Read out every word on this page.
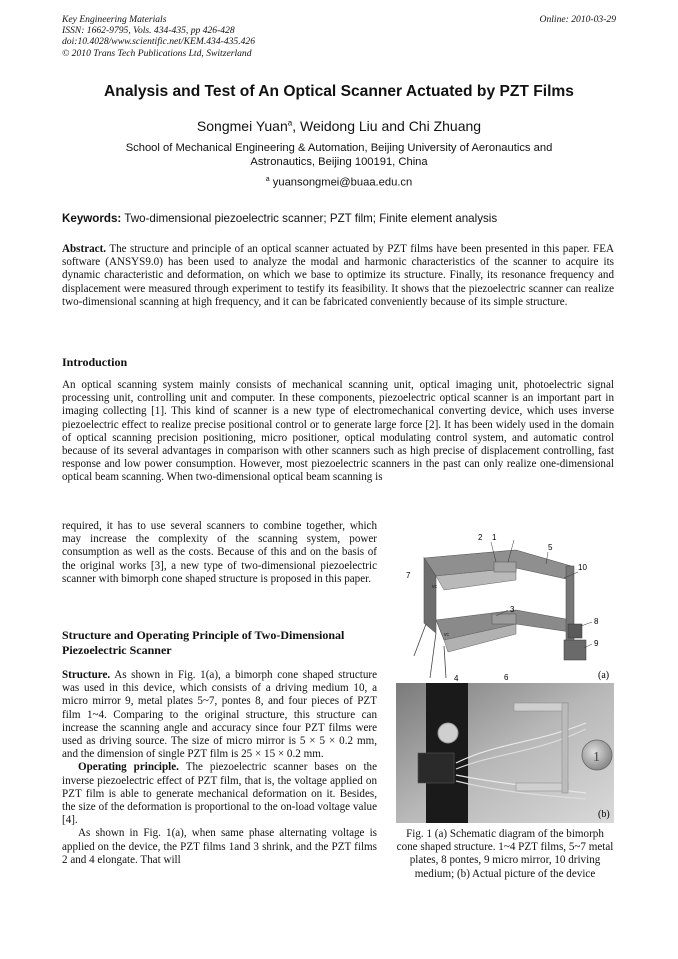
Key Engineering Materials
ISSN: 1662-9795, Vols. 434-435, pp 426-428
doi:10.4028/www.scientific.net/KEM.434-435.426
© 2010 Trans Tech Publications Ltd, Switzerland
Online: 2010-03-29
Analysis and Test of An Optical Scanner Actuated by PZT Films
Songmei Yuan$^a$, Weidong Liu and Chi Zhuang
School of Mechanical Engineering & Automation, Beijing University of Aeronautics and
Astronautics, Beijing 100191, China
$^a$ yuansongmei@buaa.edu.cn
Keywords: Two-dimensional piezoelectric scanner; PZT film; Finite element analysis
Abstract. The structure and principle of an optical scanner actuated by PZT films have been presented in this paper. FEA software (ANSYS9.0) has been used to analyze the modal and harmonic characteristics of the scanner to acquire its dynamic characteristic and deformation, on which we base to optimize its structure. Finally, its resonance frequency and displacement were measured through experiment to testify its feasibility. It shows that the piezoelectric scanner can realize two-dimensional scanning at high frequency, and it can be fabricated conveniently because of its simple structure.
Introduction
An optical scanning system mainly consists of mechanical scanning unit, optical imaging unit, photoelectric signal processing unit, controlling unit and computer. In these components, piezoelectric optical scanner is an important part in imaging collecting [1]. This kind of scanner is a new type of electromechanical converting device, which uses inverse piezoelectric effect to realize precise positional control or to generate large force [2]. It has been widely used in the domain of optical scanning precision positioning, micro positioner, optical modulating control system, and automatic control because of its several advantages in comparison with other scanners such as high precise of displacement controlling, fast response and low power consumption. However, most piezoelectric scanners in the past can only realize one-dimensional optical beam scanning. When two-dimensional optical beam scanning is
required, it has to use several scanners to combine together, which may increase the complexity of the scanning system, power consumption as well as the costs. Because of this and on the basis of the original works [3], a new type of two-dimensional piezoelectric scanner with bimorph cone shaped structure is proposed in this paper.
Structure and Operating Principle of Two-Dimensional Piezoelectric Scanner

Structure. As shown in Fig. 1(a), a bimorph cone shaped structure was used in this device, which consists of a driving medium 10, a micro mirror 9, metal plates 5~7, pontes 8, and four pieces of PZT film 1~4. Comparing to the original structure, this structure can increase the scanning angle and accuracy since four PZT films were used as driving source. The size of micro mirror is 5 × 5 × 0.2 mm, and the dimension of single PZT film is 25 × 15 × 0.2 mm.

Operating principle. The piezoelectric scanner bases on the inverse piezoelectric effect of PZT film, that is, the voltage applied on PZT film is able to generate mechanical deformation on it. Besides, the size of the deformation is proportional to the on-load voltage value [4].

As shown in Fig. 1(a), when same phase alternating voltage is applied on the device, the PZT films 1and 3 shrink, and the PZT films 2 and 4 elongate. That will

1
2
3
4
5
6
7
8
9
10
vc
vc
(a)
1
(b)
Fig. 1 (a) Schematic diagram of the bimorph cone shaped structure. 1~4 PZT films, 5~7 metal plates, 8 pontes, 9 micro mirror, 10 driving medium; (b) Actual picture of the device
